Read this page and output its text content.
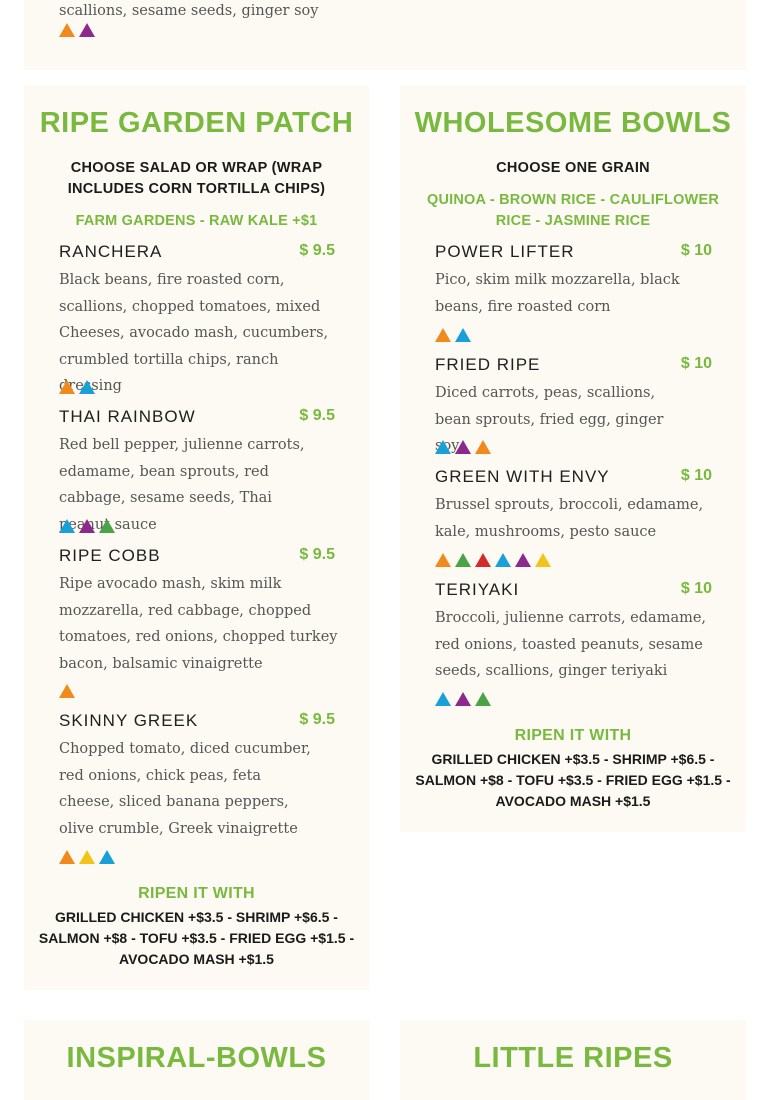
scallions, sesame seeds, ginger soy
RIPE GARDEN PATCH
CHOOSE SALAD OR WRAP (WRAP INCLUDES CORN TORTILLA CHIPS)
FARM GARDENS - RAW KALE +$1
RANCHERA	$ 9.5
Black beans, fire roasted corn, scallions, chopped tomatoes, mixed Cheeses, avocado mash, cucumbers, crumbled tortilla chips, ranch dressing
THAI RAINBOW	$ 9.5
Red bell pepper, julienne carrots, edamame, bean sprouts, red cabbage, sesame seeds, Thai peanut sauce
RIPE COBB	$ 9.5
Ripe avocado mash, skim milk mozzarella, red cabbage, chopped tomatoes, red onions, chopped turkey bacon, balsamic vinaigrette
SKINNY GREEK	$ 9.5
Chopped tomato, diced cucumber, red onions, chick peas, feta cheese, sliced banana peppers, olive crumble, Greek vinaigrette
RIPEN IT WITH
GRILLED CHICKEN +$3.5 - SHRIMP +$6.5 - SALMON +$8 - TOFU +$3.5 - FRIED EGG +$1.5 - AVOCADO MASH +$1.5
WHOLESOME BOWLS
CHOOSE ONE GRAIN
QUINOA - BROWN RICE - CAULIFLOWER RICE - JASMINE RICE
POWER LIFTER	$ 10
Pico, skim milk mozzarella, black beans, fire roasted corn
FRIED RIPE	$ 10
Diced carrots, peas, scallions, bean sprouts, fried egg, ginger soy
GREEN WITH ENVY	$ 10
Brussel sprouts, broccoli, edamame, kale, mushrooms, pesto sauce
TERIYAKI	$ 10
Broccoli, julienne carrots, edamame, red onions, toasted peanuts, sesame seeds, scallions, ginger teriyaki
RIPEN IT WITH
GRILLED CHICKEN +$3.5 - SHRIMP +$6.5 - SALMON +$8 - TOFU +$3.5 - FRIED EGG +$1.5 - AVOCADO MASH +$1.5
INSPIRAL-BOWLS	LITTLE RIPES
